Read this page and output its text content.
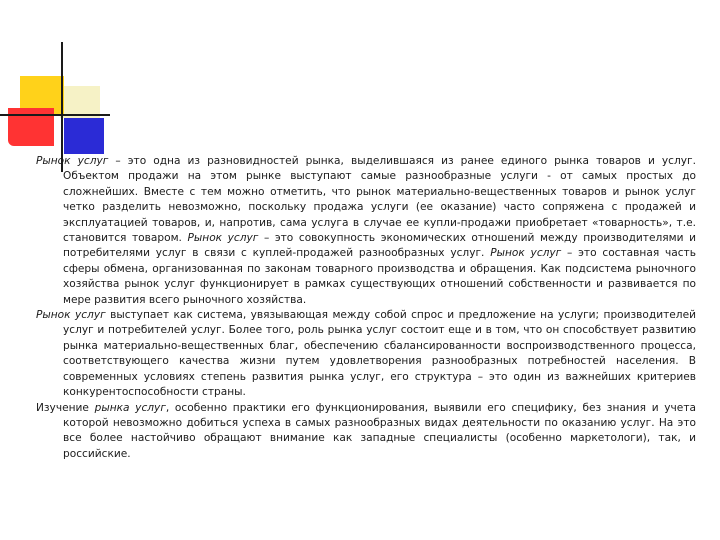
Рынок услуг – это одна из разновидностей рынка, выделившаяся из ранее единого рынка товаров и услуг. Объектом продажи на этом рынке выступают самые разнообразные услуги - от самых простых до сложнейших. Вместе с тем можно отметить, что рынок материально-вещественных товаров и рынок услуг четко разделить невозможно, поскольку продажа услуги (ее оказание) часто сопряжена с продажей и эксплуатацией товаров, и, напротив, сама услуга в случае ее купли-продажи приобретает «товарность», т.е. становится товаром. Рынок услуг – это совокупность экономических отношений между производителями и потребителями услуг в связи с куплей-продажей разнообразных услуг. Рынок услуг – это составная часть сферы обмена, организованная по законам товарного производства и обращения. Как подсистема рыночного хозяйства рынок услуг функционирует в рамках существующих отношений собственности и развивается по мере развития всего рыночного хозяйства.

Рынок услуг выступает как система, увязывающая между собой спрос и предложение на услуги; производителей услуг и потребителей услуг. Более того, роль рынка услуг состоит еще и в том, что он способствует развитию рынка материально-вещественных благ, обеспечению сбалансированности воспроизводственного процесса, соответствующего качества жизни путем удовлетворения разнообразных потребностей населения. В современных условиях степень развития рынка услуг, его структура – это один из важнейших критериев конкурентоспособности страны.

Изучение рынка услуг, особенно практики его функционирования, выявили его специфику, без знания и учета которой невозможно добиться успеха в самых разнообразных видах деятельности по оказанию услуг. На это все более настойчиво обращают внимание как западные специалисты (особенно маркетологи), так, и российские.
